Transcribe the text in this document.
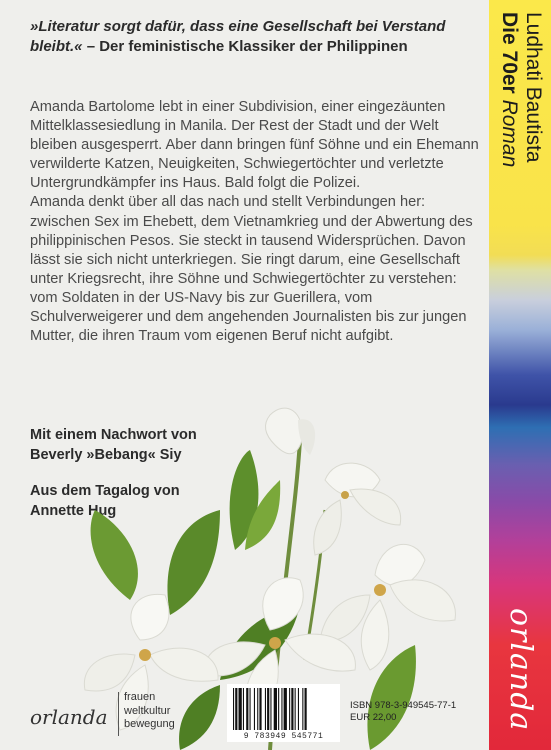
»Literatur sorgt dafür, dass eine Gesellschaft bei Verstand bleibt.« – Der feministische Klassiker der Philippinen

Amanda Bartolome lebt in einer Subdivision, einer eingezäunten Mittelklassesiedlung in Manila. Der Rest der Stadt und der Welt bleiben ausgesperrt. Aber dann bringen fünf Söhne und ein Ehemann verwilderte Katzen, Neuigkeiten, Schwiegertöchter und verletzte Untergrundkämpfer ins Haus. Bald folgt die Polizei.

Amanda denkt über all das nach und stellt Verbindungen her: zwischen Sex im Ehebett, dem Vietnamkrieg und der Abwertung des philippinischen Pesos. Sie steckt in tausend Widersprüchen. Davon lässt sie sich nicht unterkriegen. Sie ringt darum, eine Gesellschaft unter Kriegsrecht, ihre Söhne und Schwiegertöchter zu verstehen: vom Soldaten in der US-Navy bis zur Guerillera, vom Schulverweigerer und dem angehenden Journalisten bis zur jungen Mutter, die ihren Traum vom eigenen Beruf nicht aufgibt.

Mit einem Nachwort von
Beverly »Bebang« Siy
Aus dem Tagalog von
Annette Hug
Ludhati Bautista
Die 70er Roman
orlanda
orlanda
frauen
weltkultur
bewegung
9 783949 545771
ISBN 978-3-949545-77-1
EUR 22,00
